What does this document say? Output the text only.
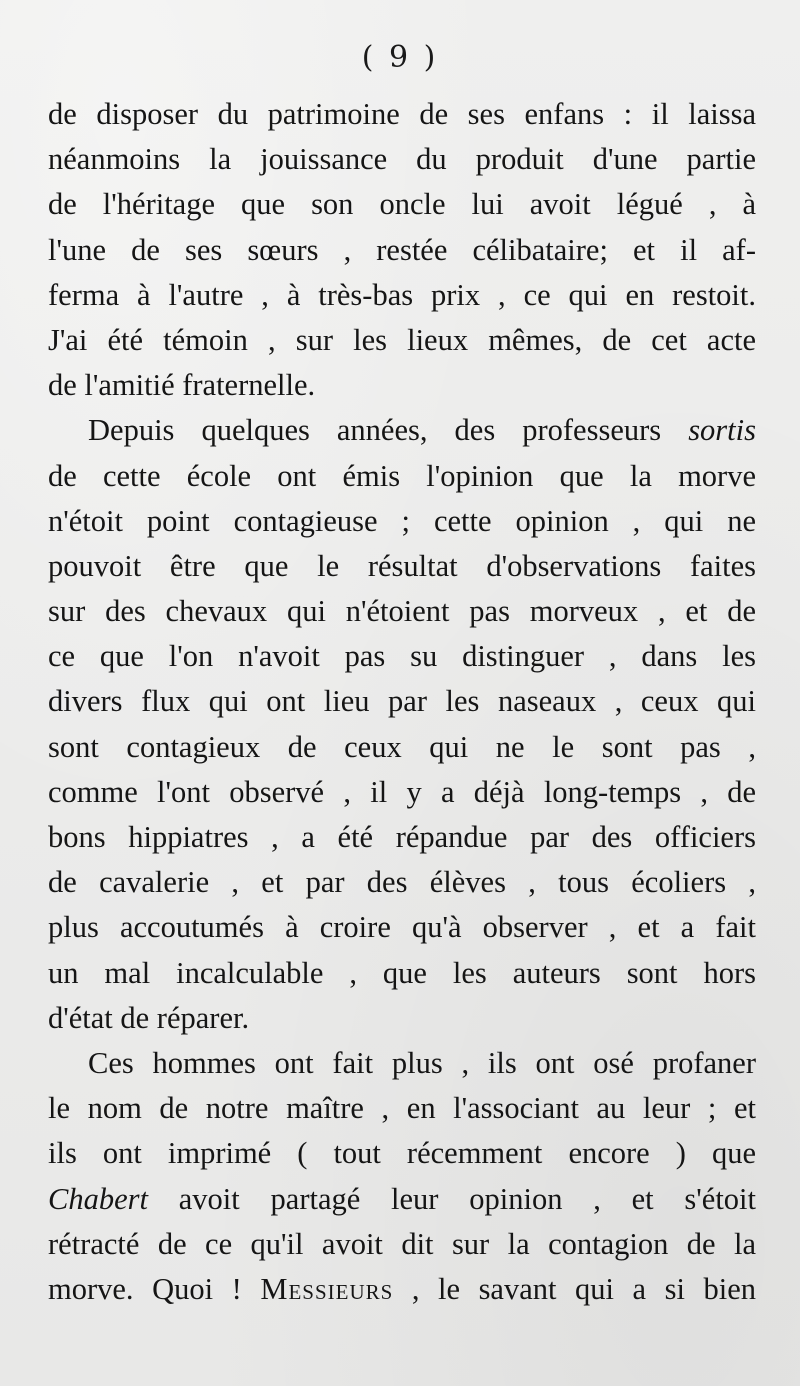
( 9 )
de disposer du patrimoine de ses enfans : il laissa
néanmoins la jouissance du produit d'une partie
de l'héritage que son oncle lui avoit légué , à
l'une de ses sœurs , restée célibataire; et il af-
ferma à l'autre , à très-bas prix , ce qui en restoit.
J'ai été témoin , sur les lieux mêmes, de cet acte
de l'amitié fraternelle.
Depuis quelques années, des professeurs sortis
de cette école ont émis l'opinion que la morve
n'étoit point contagieuse ; cette opinion , qui ne
pouvoit être que le résultat d'observations faites
sur des chevaux qui n'étoient pas morveux , et de
ce que l'on n'avoit pas su distinguer , dans les
divers flux qui ont lieu par les naseaux , ceux qui
sont contagieux de ceux qui ne le sont pas ,
comme l'ont observé , il y a déjà long-temps , de
bons hippiatres , a été répandue par des officiers
de cavalerie , et par des élèves , tous écoliers ,
plus accoutumés à croire qu'à observer , et a fait
un mal incalculable , que les auteurs sont hors
d'état de réparer.
Ces hommes ont fait plus , ils ont osé profaner
le nom de notre maître , en l'associant au leur ; et
ils ont imprimé ( tout récemment encore ) que
Chabert avoit partagé leur opinion , et s'étoit
rétracté de ce qu'il avoit dit sur la contagion de la
morve. Quoi ! Messieurs , le savant qui a si bien
